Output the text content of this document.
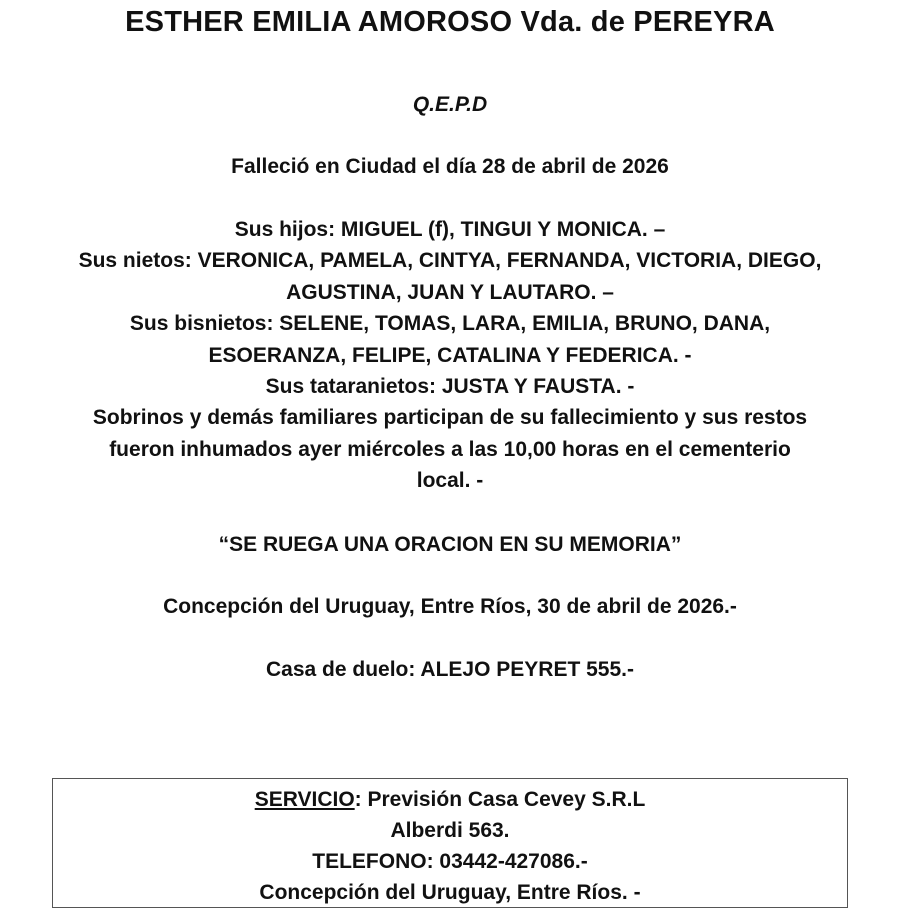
ESTHER EMILIA AMOROSO Vda. de PEREYRA
Q.E.P.D
Falleció en Ciudad el día 28 de abril de 2026
Sus hijos: MIGUEL (f), TINGUI Y MONICA. –
Sus nietos: VERONICA, PAMELA, CINTYA, FERNANDA, VICTORIA, DIEGO,
AGUSTINA, JUAN Y LAUTARO. –
Sus bisnietos: SELENE, TOMAS, LARA, EMILIA, BRUNO, DANA,
ESOERANZA, FELIPE, CATALINA Y FEDERICA. -
Sus tataranietos: JUSTA Y FAUSTA. -
Sobrinos y demás familiares participan de su fallecimiento y sus restos
fueron inhumados ayer miércoles a las 10,00 horas en el cementerio
local. -
“SE RUEGA UNA ORACION EN SU MEMORIA”
Concepción del Uruguay, Entre Ríos, 30 de abril de 2026.-
Casa de duelo: ALEJO PEYRET 555.-
SERVICIO: Previsión Casa Cevey S.R.L
Alberdi 563.
TELEFONO: 03442-427086.-
Concepción del Uruguay, Entre Ríos. -
